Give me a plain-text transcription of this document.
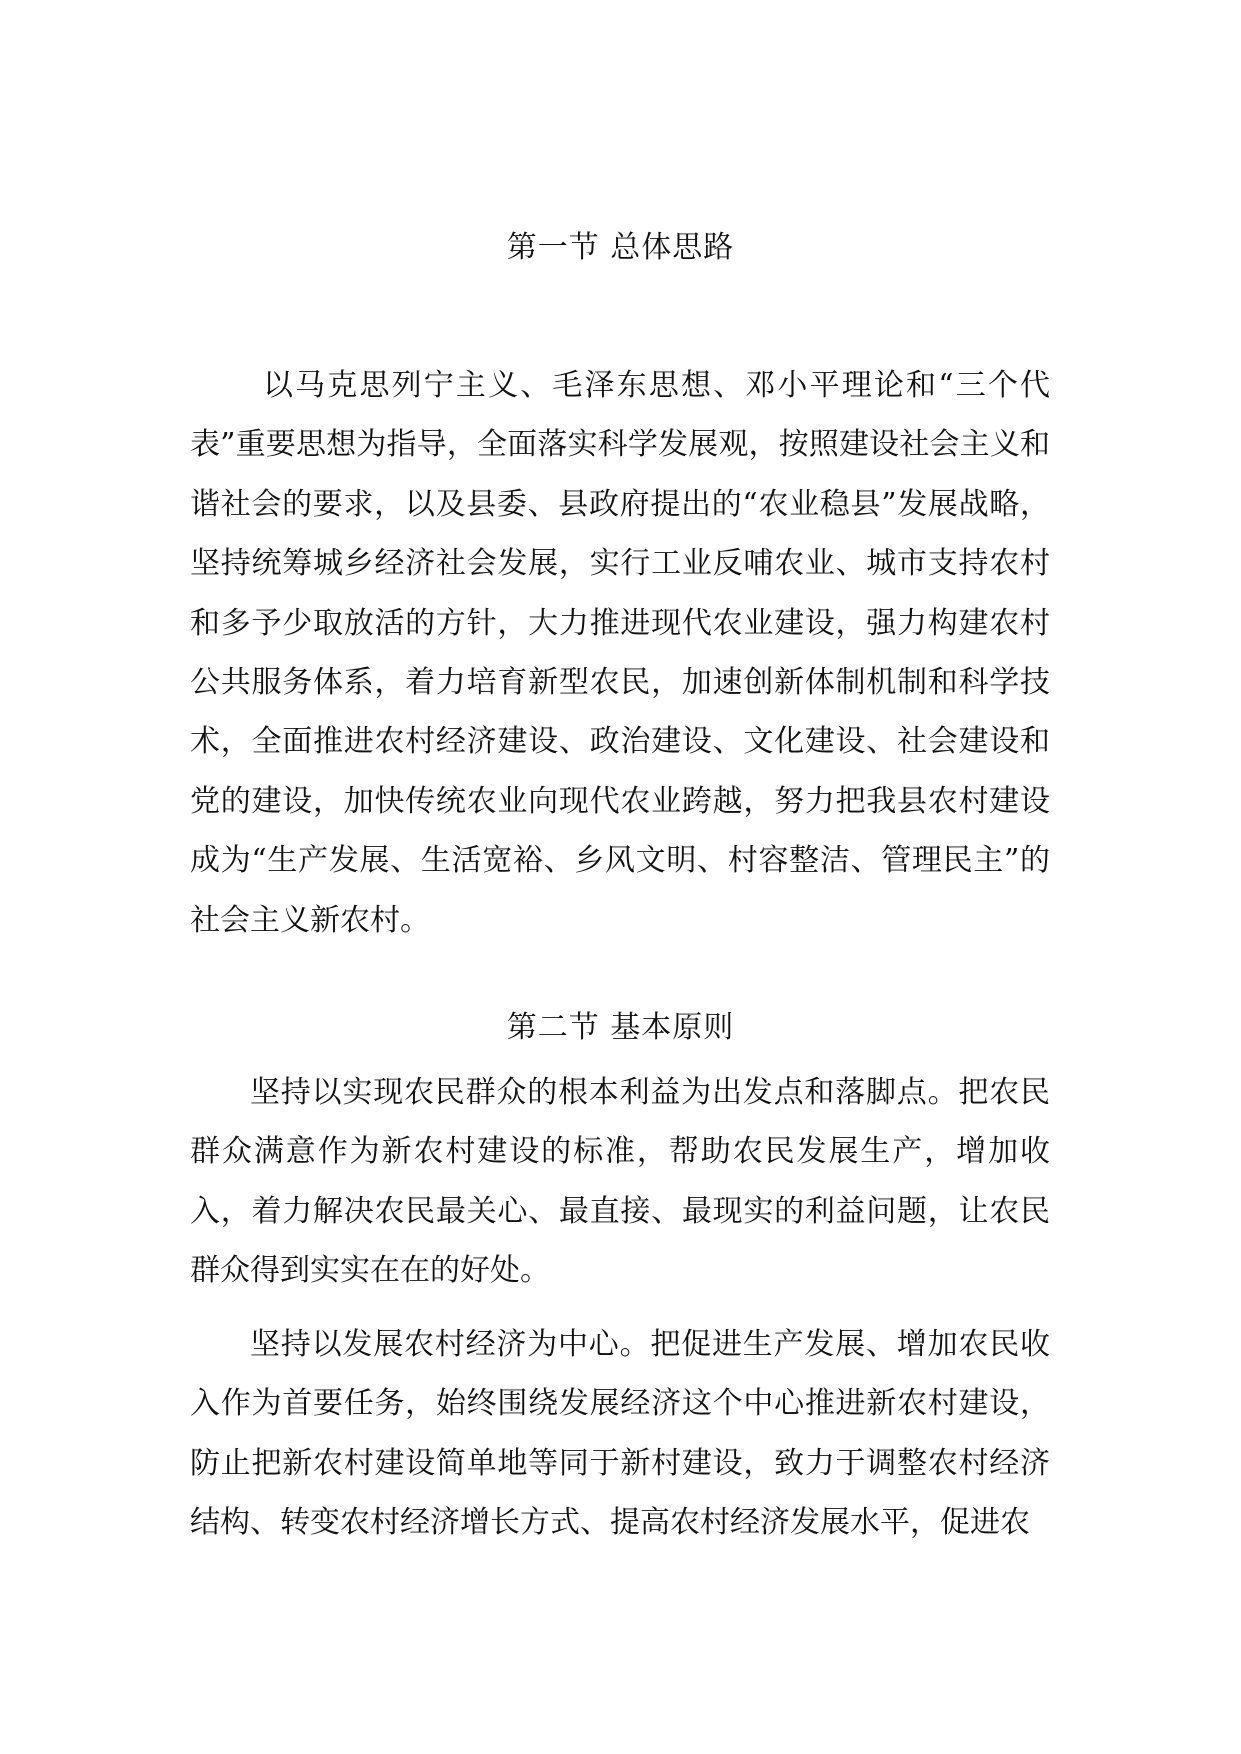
第一节 总体思路

以马克思列宁主义、毛泽东思想、邓小平理论和“三个代表”重要思想为指导，全面落实科学发展观，按照建设社会主义和谐社会的要求，以及县委、县政府提出的“农业稳县”发展战略，坚持统筹城乡经济社会发展，实行工业反哺农业、城市支持农村和多予少取放活的方针，大力推进现代农业建设，强力构建农村公共服务体系，着力培育新型农民，加速创新体制机制和科学技术，全面推进农村经济建设、政治建设、文化建设、社会建设和党的建设，加快传统农业向现代农业跨越，努力把我县农村建设成为“生产发展、生活宽裕、乡风文明、村容整洁、管理民主”的社会主义新农村。

第二节 基本原则

坚持以实现农民群众的根本利益为出发点和落脚点。把农民群众满意作为新农村建设的标准，帮助农民发展生产，增加收入，着力解决农民最关心、最直接、最现实的利益问题，让农民群众得到实实在在的好处。

坚持以发展农村经济为中心。把促进生产发展、增加农民收入作为首要任务，始终围绕发展经济这个中心推进新农村建设，防止把新农村建设简单地等同于新村建设，致力于调整农村经济结构、转变农村经济增长方式、提高农村经济发展水平，促进农
